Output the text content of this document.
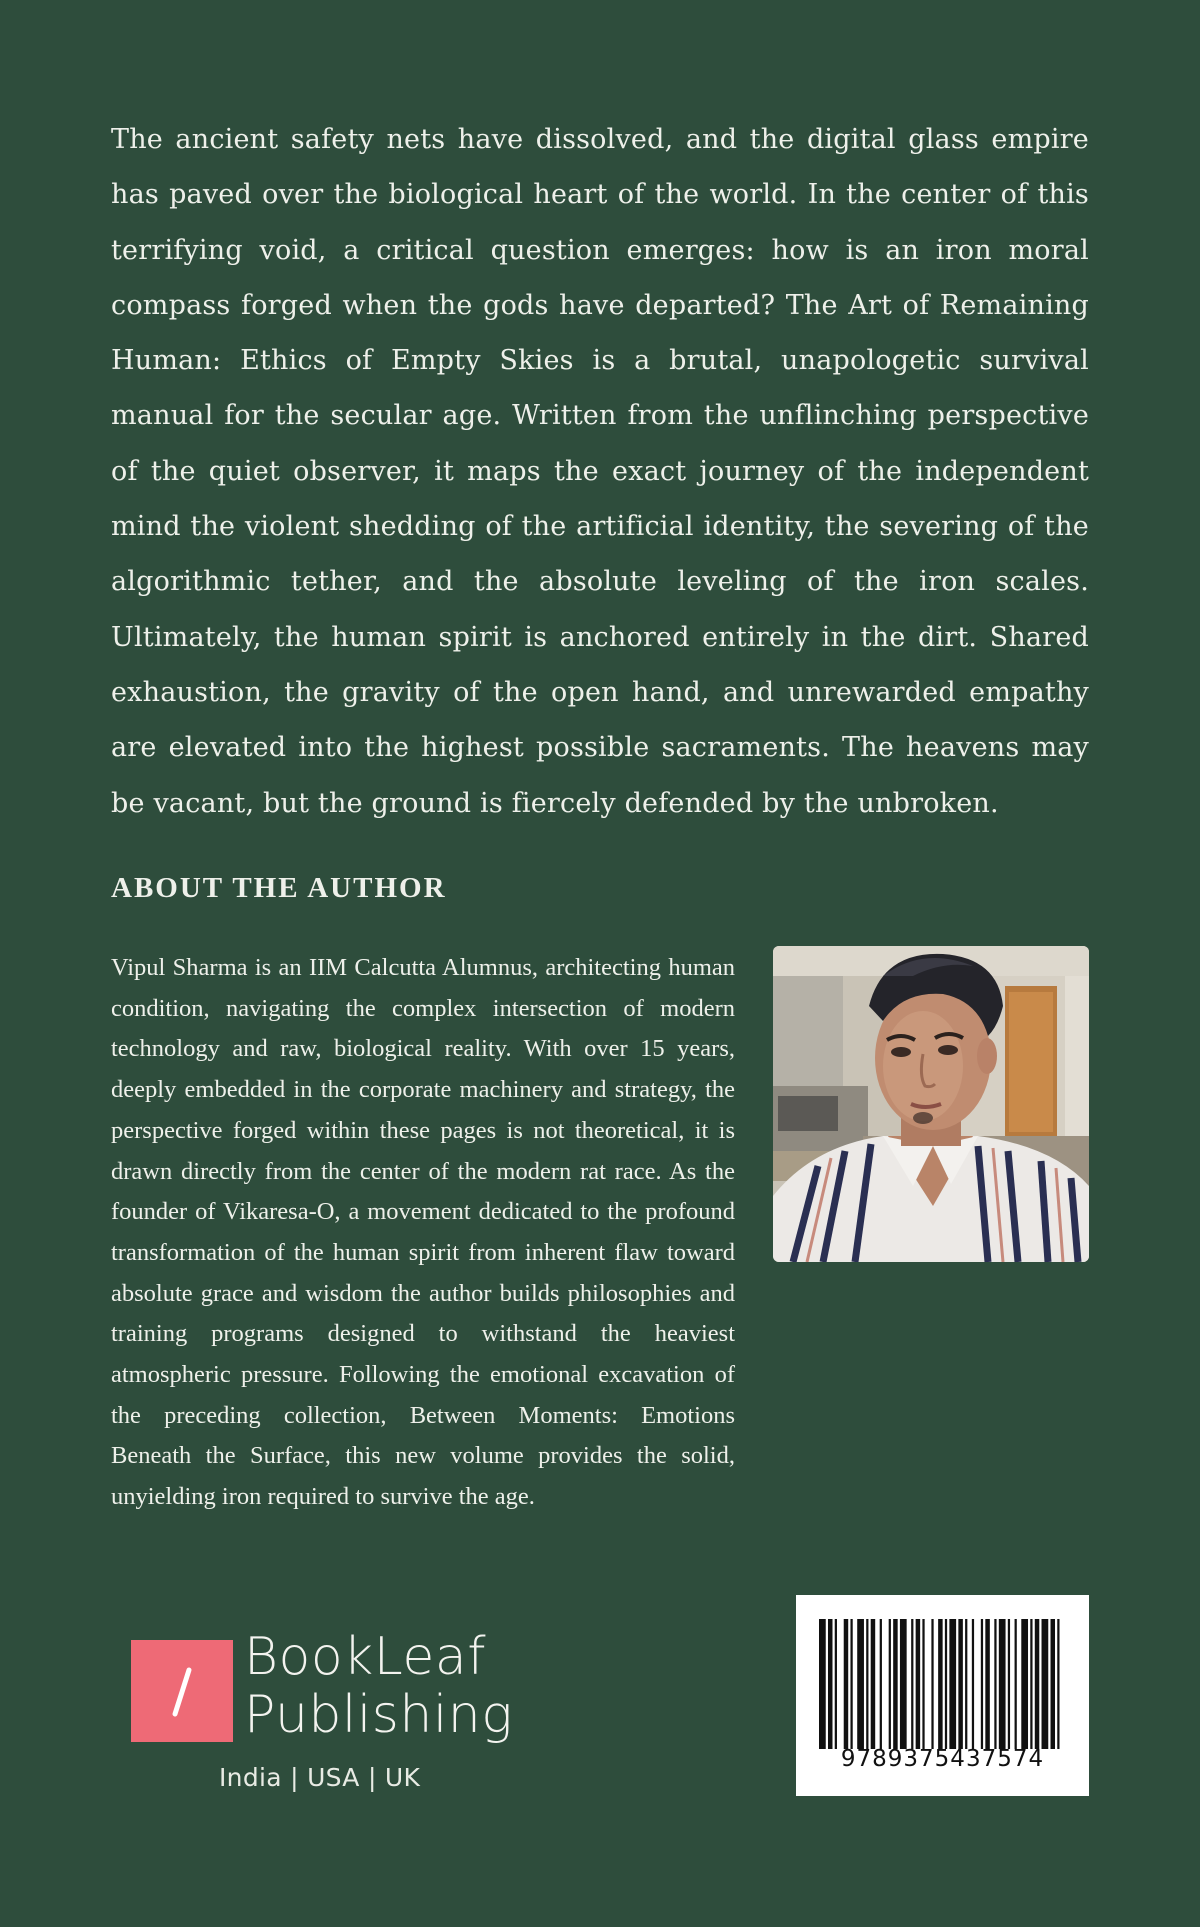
The ancient safety nets have dissolved, and the digital glass empire has paved over the biological heart of the world. In the center of this terrifying void, a critical question emerges: how is an iron moral compass forged when the gods have departed? The Art of Remaining Human: Ethics of Empty Skies is a brutal, unapologetic survival manual for the secular age. Written from the unflinching perspective of the quiet observer, it maps the exact journey of the independent mind the violent shedding of the artificial identity, the severing of the algorithmic tether, and the absolute leveling of the iron scales. Ultimately, the human spirit is anchored entirely in the dirt. Shared exhaustion, the gravity of the open hand, and unrewarded empathy are elevated into the highest possible sacraments. The heavens may be vacant, but the ground is fiercely defended by the unbroken.

ABOUT THE AUTHOR

Vipul Sharma is an IIM Calcutta Alumnus, architecting human condition, navigating the complex intersection of modern technology and raw, biological reality. With over 15 years, deeply embedded in the corporate machinery and strategy, the perspective forged within these pages is not theoretical, it is drawn directly from the center of the modern rat race. As the founder of Vikaresa-O, a movement dedicated to the profound transformation of the human spirit from inherent flaw toward absolute grace and wisdom the author builds philosophies and training programs designed to withstand the heaviest atmospheric pressure. Following the emotional excavation of the preceding collection, Between Moments: Emotions Beneath the Surface, this new volume provides the solid, unyielding iron required to survive the age.

BookLeaf
Publishing
India | USA | UK
9789375437574
